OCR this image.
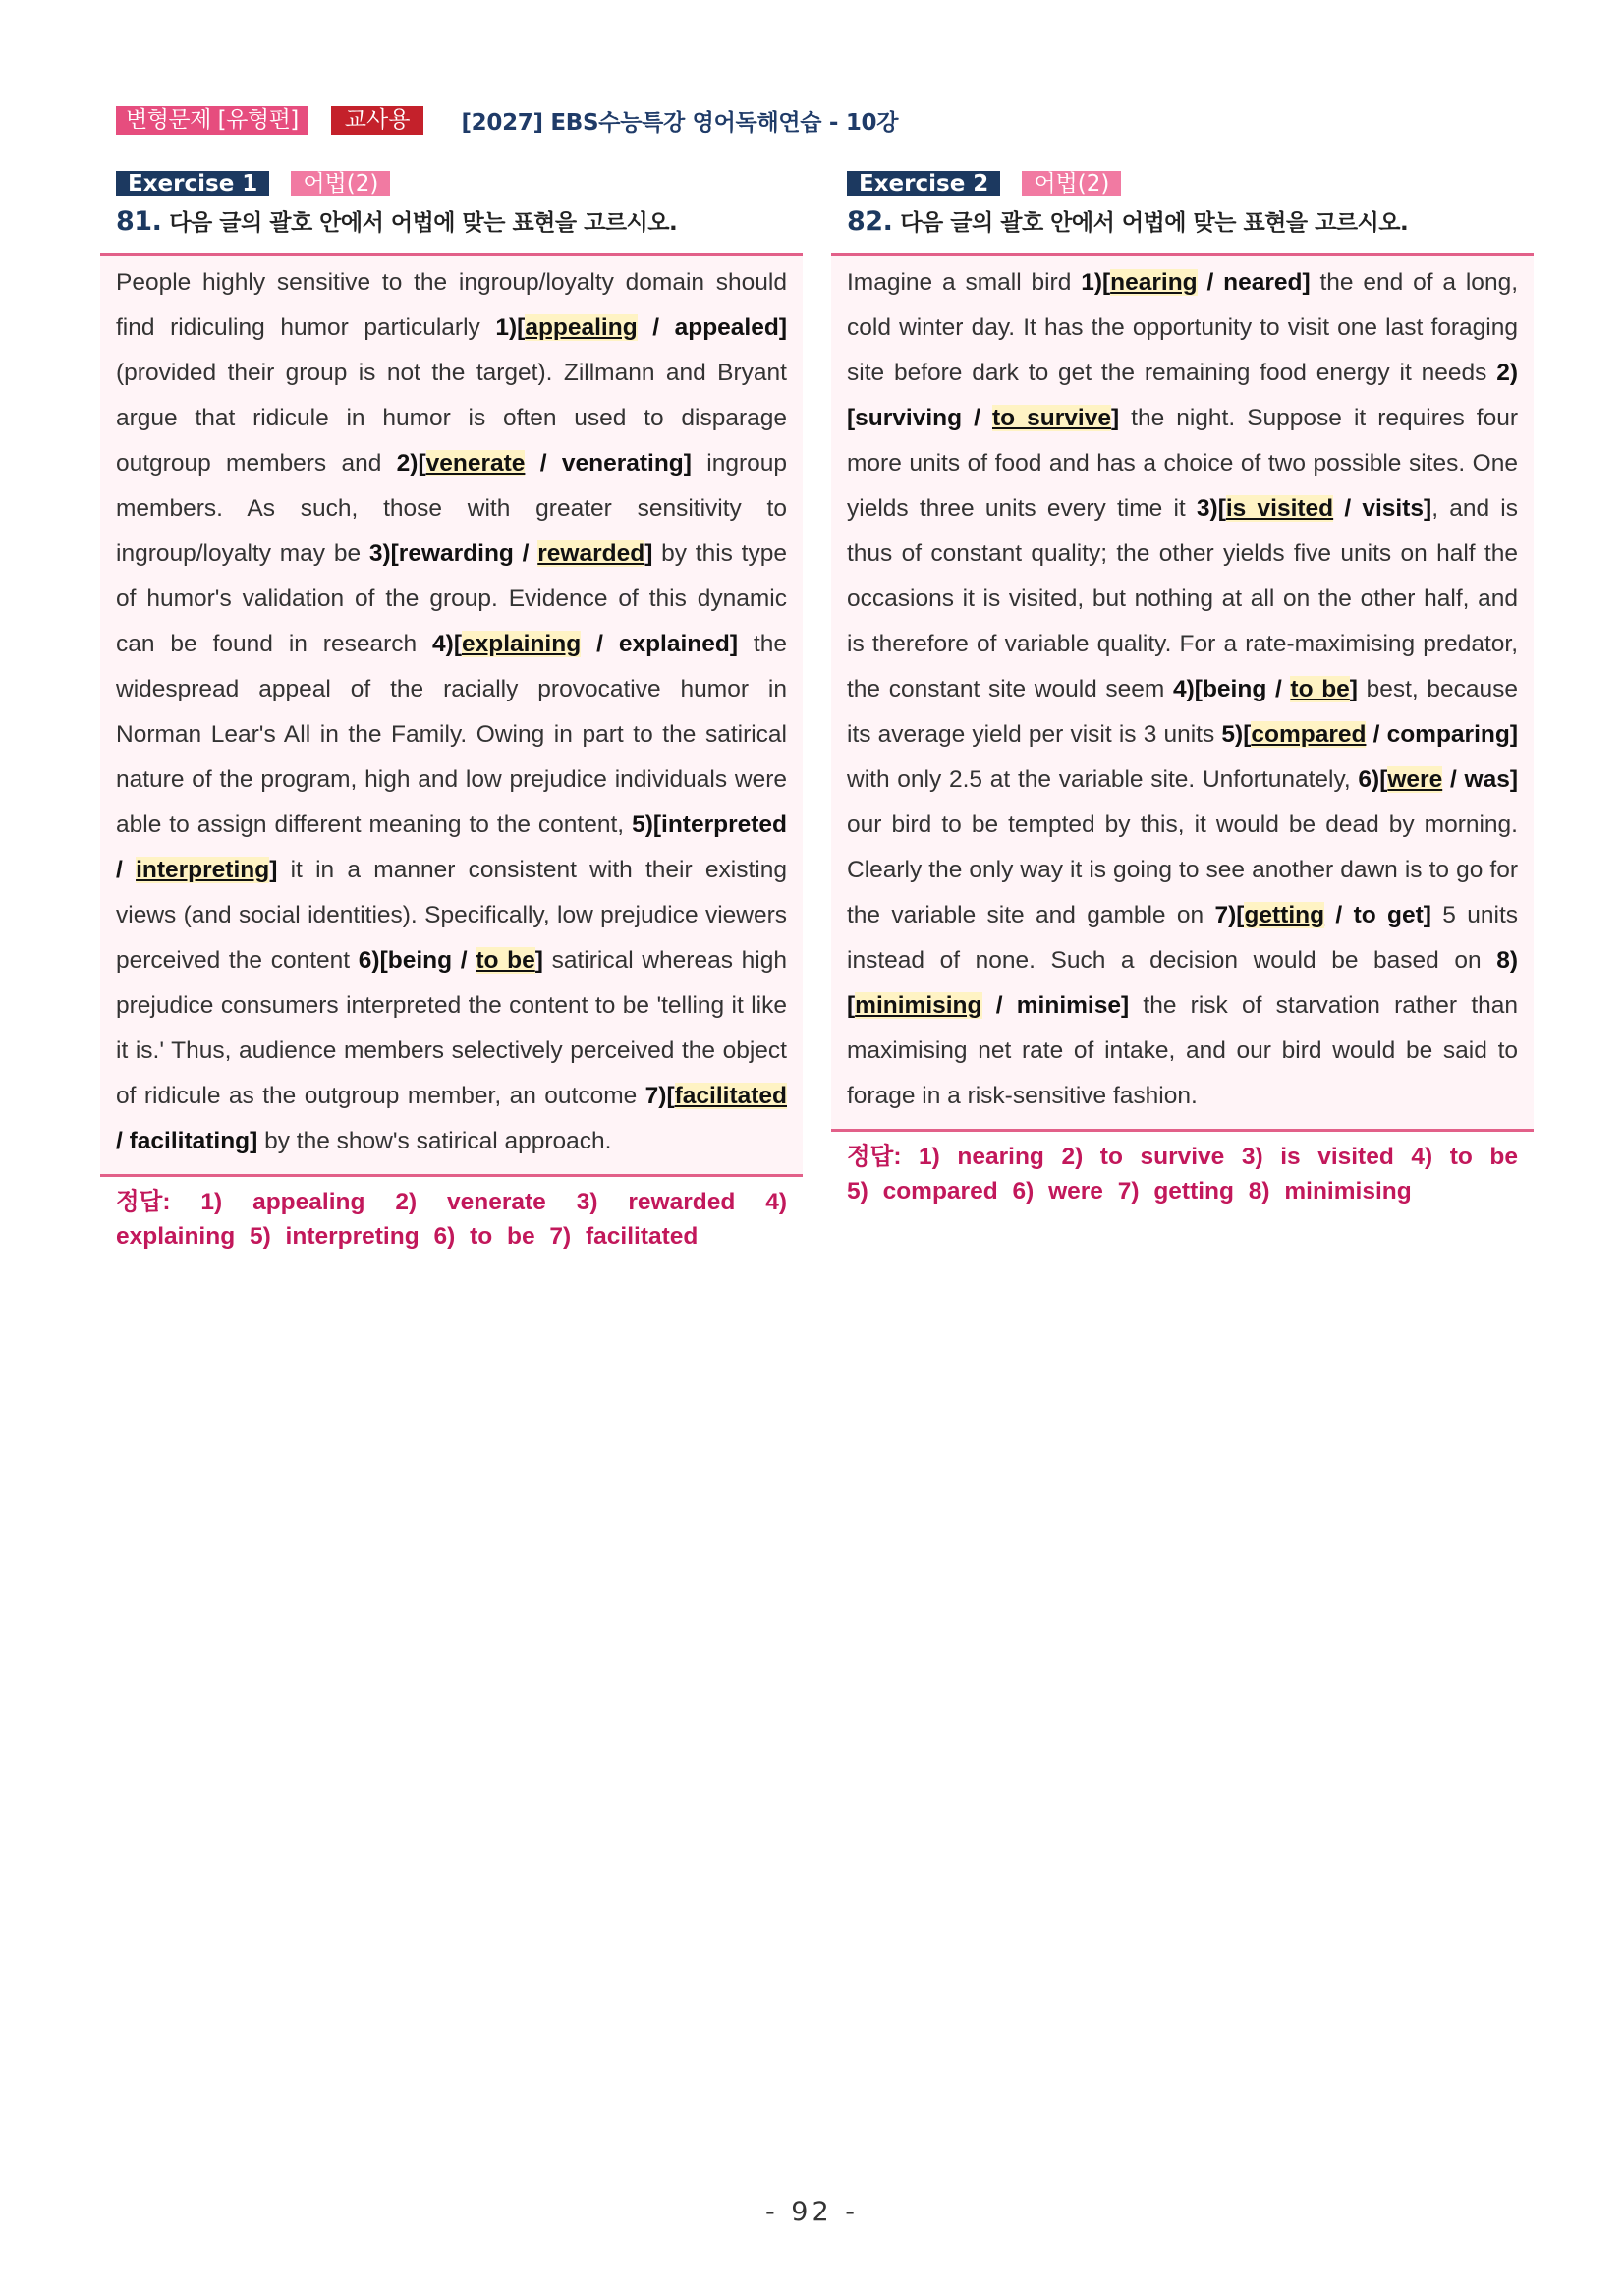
변형문제 [유형편]	교사용	[2027] EBS수능특강 영어독해연습 - 10강
Exercise 1	어법(2)
81. 다음 글의 괄호 안에서 어법에 맞는 표현을 고르시오.

People highly sensitive to the ingroup/loyalty domain should find ridiculing humor particularly 1)[appealing / appealed] (provided their group is not the target). Zillmann and Bryant argue that ridicule in humor is often used to disparage outgroup members and 2)[venerate / venerating] ingroup members. As such, those with greater sensitivity to ingroup/loyalty may be 3)[rewarding / rewarded] by this type of humor's validation of the group. Evidence of this dynamic can be found in research 4)[explaining / explained] the widespread appeal of the racially provocative humor in Norman Lear's All in the Family. Owing in part to the satirical nature of the program, high and low prejudice individuals were able to assign different meaning to the content, 5)[interpreted / interpreting] it in a manner consistent with their existing views (and social identities). Specifically, low prejudice viewers perceived the content 6)[being / to be] satirical whereas high prejudice consumers interpreted the content to be 'telling it like it is.' Thus, audience members selectively perceived the object of ridicule as the outgroup member, an outcome 7)[facilitated / facilitating] by the show's satirical approach.

정답: 1) appealing 2) venerate 3) rewarded 4) explaining 5) interpreting 6) to be 7) facilitated
Exercise 2	어법(2)
82. 다음 글의 괄호 안에서 어법에 맞는 표현을 고르시오.

Imagine a small bird 1)[nearing / neared] the end of a long, cold winter day. It has the opportunity to visit one last foraging site before dark to get the remaining food energy it needs 2)[surviving / to survive] the night. Suppose it requires four more units of food and has a choice of two possible sites. One yields three units every time it 3)[is visited / visits], and is thus of constant quality; the other yields five units on half the occasions it is visited, but nothing at all on the other half, and is therefore of variable quality. For a rate-maximising predator, the constant site would seem 4)[being / to be] best, because its average yield per visit is 3 units 5)[compared / comparing] with only 2.5 at the variable site. Unfortunately, 6)[were / was] our bird to be tempted by this, it would be dead by morning. Clearly the only way it is going to see another dawn is to go for the variable site and gamble on 7)[getting / to get] 5 units instead of none. Such a decision would be based on 8)[minimising / minimise] the risk of starvation rather than maximising net rate of intake, and our bird would be said to forage in a risk-sensitive fashion.

정답: 1) nearing 2) to survive 3) is visited 4) to be 5) compared 6) were 7) getting 8) minimising
- 92 -
